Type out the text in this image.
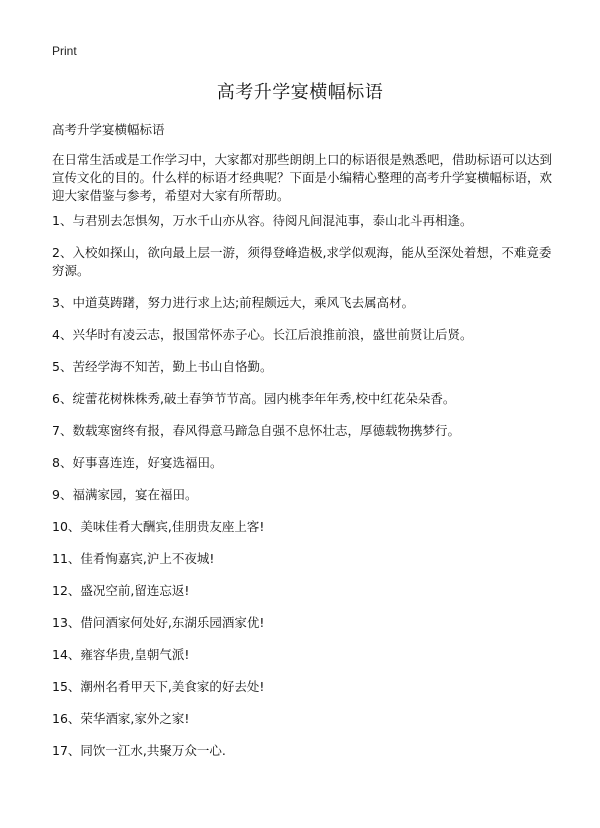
Print
高考升学宴横幅标语
高考升学宴横幅标语
在日常生活或是工作学习中，大家都对那些朗朗上口的标语很是熟悉吧，借助标语可以达到宣传文化的目的。什么样的标语才经典呢？下面是小编精心整理的高考升学宴横幅标语，欢迎大家借鉴与参考，希望对大家有所帮助。
1、与君别去怎惧匆，万水千山亦从容。待阅凡间混沌事，泰山北斗再相逢。
2、入校如探山，欲向最上层一游，须得登峰造极,求学似观海，能从至深处着想，不难竟委穷源。
3、中道莫踌躇，努力进行求上达;前程颇远大，乘风飞去属高材。
4、兴华时有凌云志，报国常怀赤子心。长江后浪推前浪，盛世前贤让后贤。
5、苦经学海不知苦，勤上书山自恪勤。
6、绽蕾花树株株秀,破土春笋节节高。园内桃李年年秀,校中红花朵朵香。
7、数载寒窗终有报，春风得意马蹄急自强不息怀壮志，厚德载物携梦行。
8、好事喜连连，好宴选福田。
9、福满家园，宴在福田。
10、美味佳肴大酬宾,佳朋贵友座上客!
11、佳肴恂嘉宾,沪上不夜城!
12、盛况空前,留连忘返!
13、借问酒家何处好,东湖乐园酒家优!
14、雍容华贵,皇朝气派!
15、潮州名肴甲天下,美食家的好去处!
16、荣华酒家,家外之家!
17、同饮一江水,共聚万众一心.
